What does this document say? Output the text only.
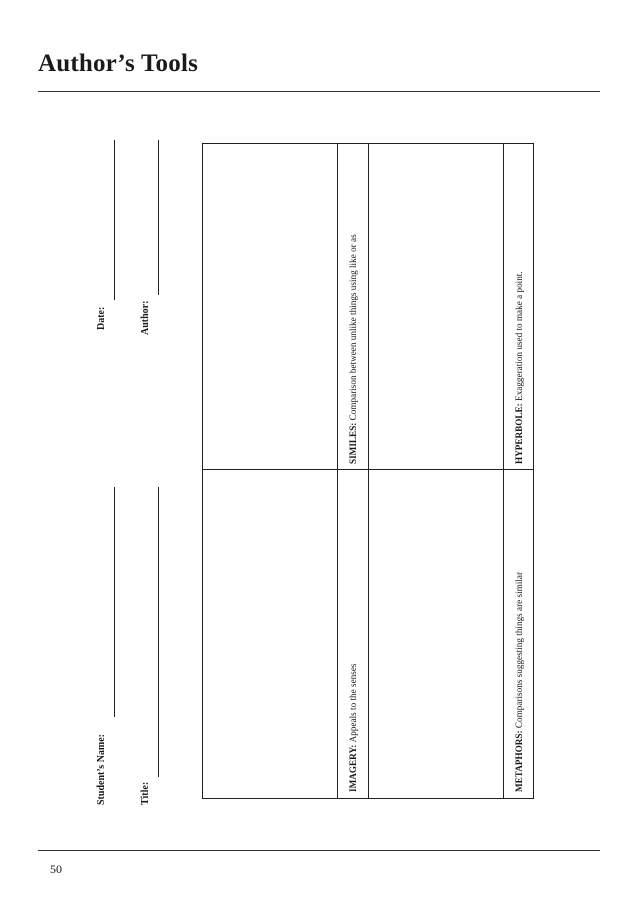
Author’s Tools
Student’s Name:
Date:
Title:
Author:
IMAGERY: Appeals to the senses
SIMILES: Comparison between unlike things using like or as
METAPHORS: Comparisons suggesting things are similar
HYPERBOLE: Exaggeration used to make a point.
50
